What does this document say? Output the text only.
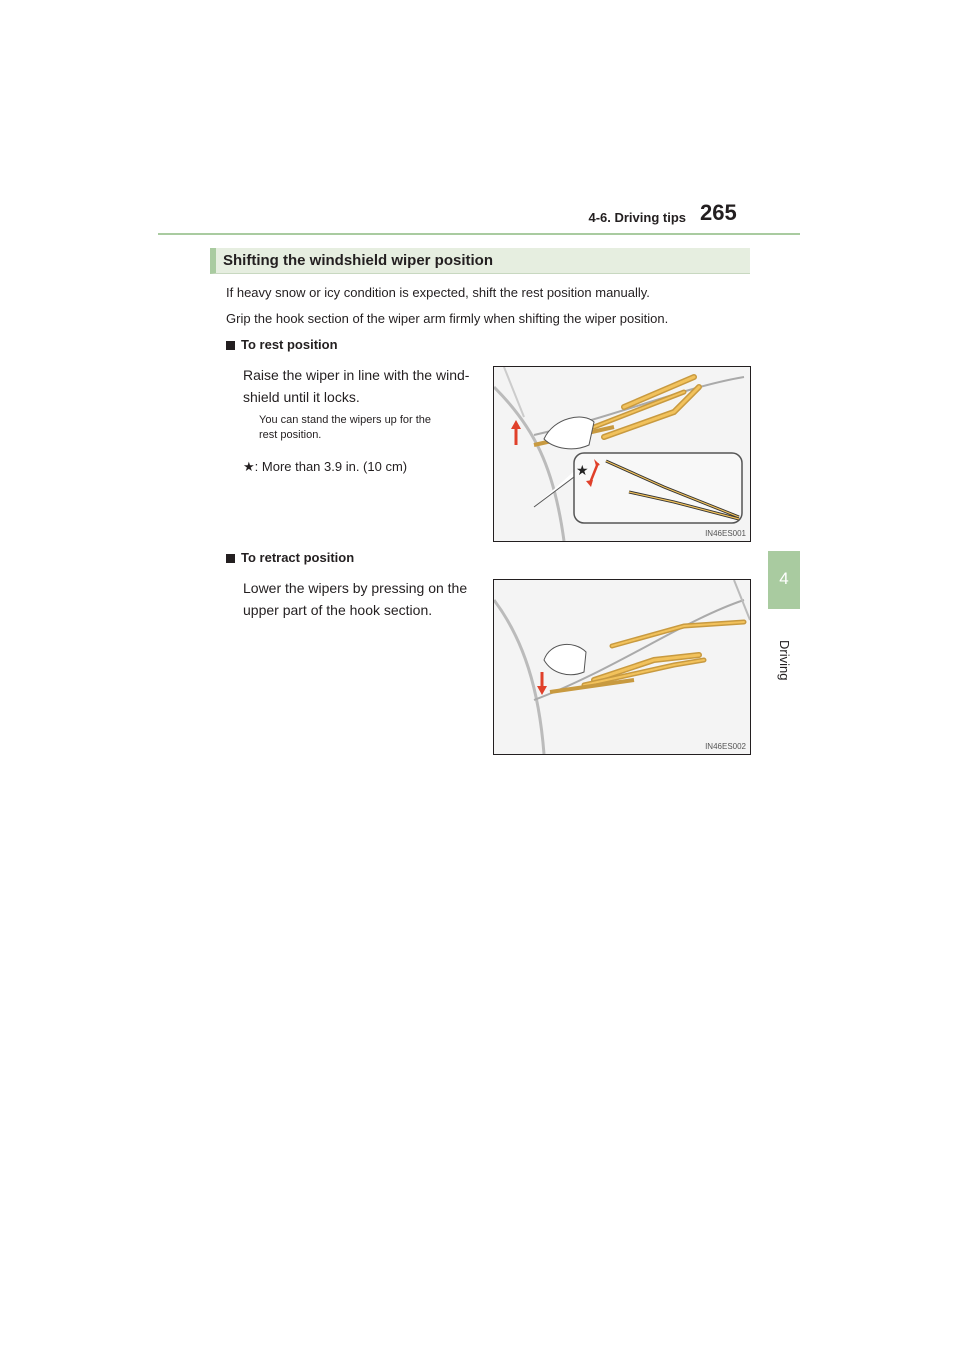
4-6. Driving tips 265
4
Driving
Shifting the windshield wiper position
If heavy snow or icy condition is expected, shift the rest position manually.
Grip the hook section of the wiper arm firmly when shifting the wiper position.
To rest position
Raise the wiper in line with the wind-
shield until it locks.
You can stand the wipers up for the
rest position.
★: More than 3.9 in. (10 cm)	★
IN46ES001
To retract position
Lower the wipers by pressing on the
upper part of the hook section.
IN46ES002
